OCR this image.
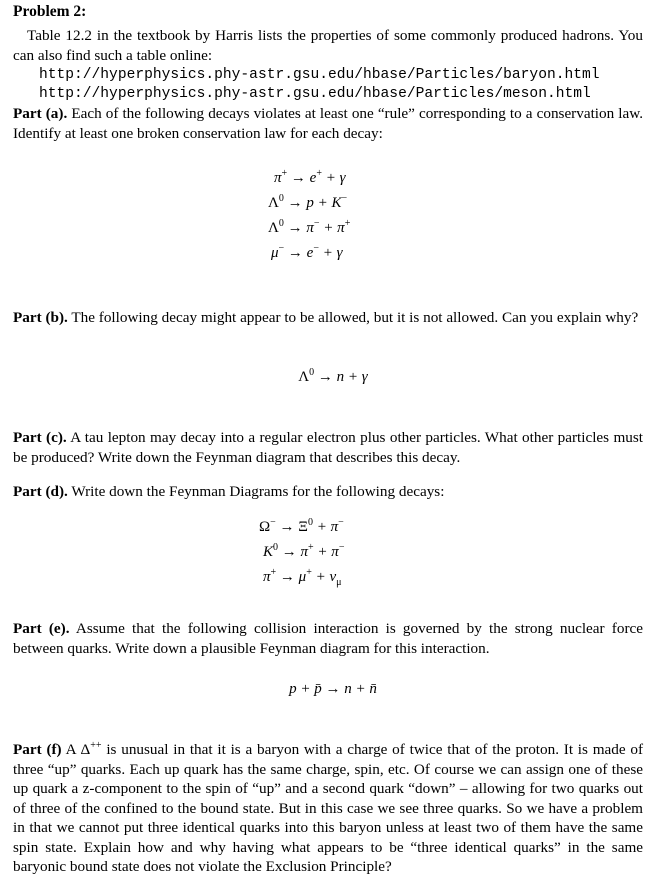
Problem 2:
Table 12.2 in the textbook by Harris lists the properties of some commonly produced hadrons. You can also find such a table online:
http://hyperphysics.phy-astr.gsu.edu/hbase/Particles/baryon.html
http://hyperphysics.phy-astr.gsu.edu/hbase/Particles/meson.html
Part (a). Each of the following decays violates at least one “rule” corresponding to a conservation law. Identify at least one broken conservation law for each decay:
π+ → e+ + γ
$\Lambda^0 \to p + K^-$
$\Lambda^0 \to \pi^- + \pi^+$
μ− → e− + γ
Part (b). The following decay might appear to be allowed, but it is not allowed. Can you explain why?
$\Lambda^0 \to n + \gamma$
Part (c). A tau lepton may decay into a regular electron plus other particles. What other particles must be produced? Write down the Feynman diagram that describes this decay.
Part (d). Write down the Feynman Diagrams for the following decays:
$\Omega^- \to \Xi^0 + \pi^-$
$K^0 \to \pi^+ + \pi^-$
$\pi^+ \to \mu^+ + \nu_\mu$
Part (e). Assume that the following collision interaction is governed by the strong nuclear force between quarks. Write down a plausible Feynman diagram for this interaction.
p + p̄ → n + n̄
Part (f) A Δ++ is unusual in that it is a baryon with a charge of twice that of the proton. It is made of three “up” quarks. Each up quark has the same charge, spin, etc. Of course we can assign one of these up quark a z-component to the spin of “up” and a second quark “down” – allowing for two quarks out of three of the confined to the bound state. But in this case we see three quarks. So we have a problem in that we cannot put three identical quarks into this baryon unless at least two of them have the same spin state. Explain how and why having what appears to be “three identical quarks” in the same baryonic bound state does not violate the Exclusion Principle?
